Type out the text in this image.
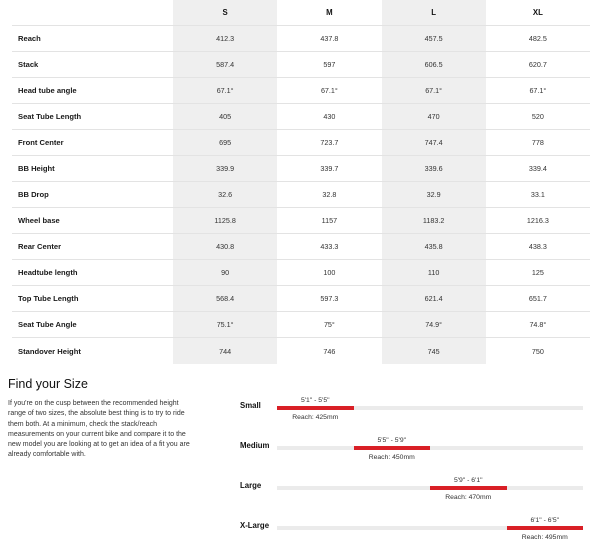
S	M	L	XL
Reach	412.3	437.8	457.5	482.5
Stack	587.4	597	606.5	620.7
Head tube angle	67.1°	67.1°	67.1°	67.1°
Seat Tube Length	405	430	470	520
Front Center	695	723.7	747.4	778
BB Height	339.9	339.7	339.6	339.4
BB Drop	32.6	32.8	32.9	33.1
Wheel base	1125.8	1157	1183.2	1216.3
Rear Center	430.8	433.3	435.8	438.3
Headtube length	90	100	110	125
Top Tube Length	568.4	597.3	621.4	651.7
Seat Tube Angle	75.1°	75°	74.9°	74.8°
Standover Height	744	746	745	750
Find your Size
If you're on the cusp between the recommended height range of two sizes, the absolute best thing is to try to ride them both. At a minimum, check the stack/reach measurements on your current bike and compare it to the new model you are looking at to get an idea of a fit you are already comfortable with.
Small
5'1" - 5'5"
Reach: 425mm
Medium
5'5" - 5'9"
Reach: 450mm
Large
5'9" - 6'1"
Reach: 470mm
X-Large
6'1" - 6'5"
Reach: 495mm
